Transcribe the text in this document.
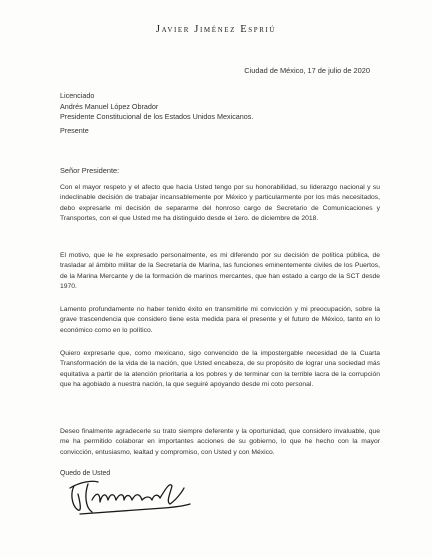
Javier Jiménez Espriú
Ciudad de México, 17 de julio de 2020
Licenciado
Andrés Manuel López Obrador
Presidente Constitucional de los Estados Unidos Mexicanos.
Presente
Señor Presidente:
Con el mayor respeto y el afecto que hacia Usted tengo por su honorabilidad, su liderazgo nacional y su indeclinable decisión de trabajar incansablemente por México y particularmente por los más necesitados, debo expresarle mi decisión de separarme del honroso cargo de Secretario de Comunicaciones y Transportes, con el que Usted me ha distinguido desde el 1ero. de diciembre de 2018.
El motivo, que le he expresado personalmente, es mi diferendo por su decisión de política pública, de trasladar al ámbito militar de la Secretaría de Marina, las funciones eminentemente civiles de los Puertos, de la Marina Mercante y de la formación de marinos mercantes, que han estado a cargo de la SCT desde 1970.
Lamento profundamente no haber tenido éxito en transmitirle mi convicción y mi preocupación, sobre la grave trascendencia que considero tiene esta medida para el presente y el futuro de México, tanto en lo económico como en lo político.
Quiero expresarle que, como mexicano, sigo convencido de la impostergable necesidad de la Cuarta Transformación de la vida de la nación, que Usted encabeza, de su propósito de lograr una sociedad más equitativa a partir de la atención prioritaria a los pobres y de terminar con la terrible lacra de la corrupción que ha agobiado a nuestra nación, la que seguiré apoyando desde mi coto personal.
Deseo finalmente agradecerle su trato siempre deferente y la oportunidad, que considero invaluable, que me ha permitido colaborar en importantes acciones de su gobierno, lo que he hecho con la mayor convicción, entusiasmo, lealtad y compromiso, con Usted y con México.
Quedo de Usted
